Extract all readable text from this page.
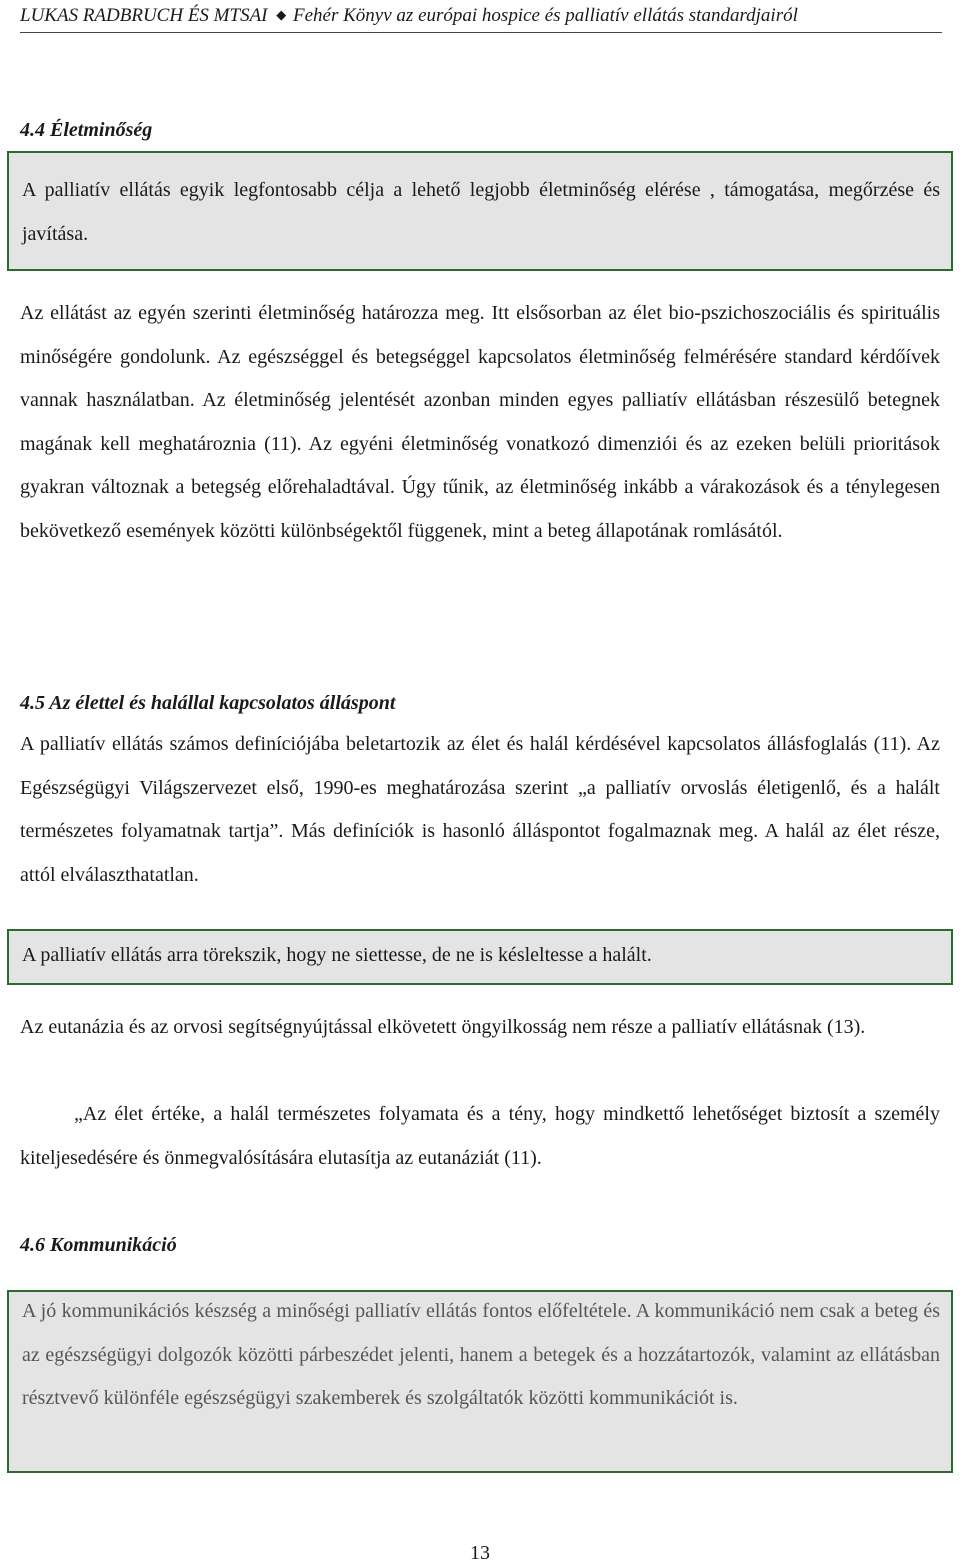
LUKAS RADBRUCH ÉS MTSAI ◆ Fehér Könyv az európai hospice és palliatív ellátás standardjairól
4.4 Életminőség

A palliatív ellátás egyik legfontosabb célja a lehető legjobb életminőség elérése , támogatása, megőrzése és javítása.

Az ellátást az egyén szerinti életminőség határozza meg. Itt elsősorban az élet bio-pszichoszociális és spirituális minőségére gondolunk. Az egészséggel és betegséggel kapcsolatos életminőség felmérésére standard kérdőívek vannak használatban. Az életminőség jelentését azonban minden egyes palliatív ellátásban részesülő betegnek magának kell meghatároznia (11). Az egyéni életminőség vonatkozó dimenziói és az ezeken belüli prioritások gyakran változnak a betegség előrehaladtával. Úgy tűnik, az életminőség inkább a várakozások és a ténylegesen bekövetkező események közötti különbségektől függenek, mint a beteg állapotának romlásától.

4.5 Az élettel és halállal kapcsolatos álláspont

A palliatív ellátás számos definíciójába beletartozik az élet és halál kérdésével kapcsolatos állásfoglalás (11). Az Egészségügyi Világszervezet első, 1990-es meghatározása szerint „a palliatív orvoslás életigenlő, és a halált természetes folyamatnak tartja”. Más definíciók is hasonló álláspontot fogalmaznak meg. A halál az élet része, attól elválaszthatatlan.

A palliatív ellátás arra törekszik, hogy ne siettesse, de ne is késleltesse a halált.

Az eutanázia és az orvosi segítségnyújtással elkövetett öngyilkosság nem része a palliatív ellátásnak (13).

„Az élet értéke, a halál természetes folyamata és a tény, hogy mindkettő lehetőséget biztosít a személy kiteljesedésére és önmegvalósítására elutasítja az eutanáziát (11).

4.6 Kommunikáció

A jó kommunikációs készség a minőségi palliatív ellátás fontos előfeltétele. A kommunikáció nem csak a beteg és az egészségügyi dolgozók közötti párbeszédet jelenti, hanem a betegek és a hozzátartozók, valamint az ellátásban résztvevő különféle egészségügyi szakemberek és szolgáltatók közötti kommunikációt is.

13
